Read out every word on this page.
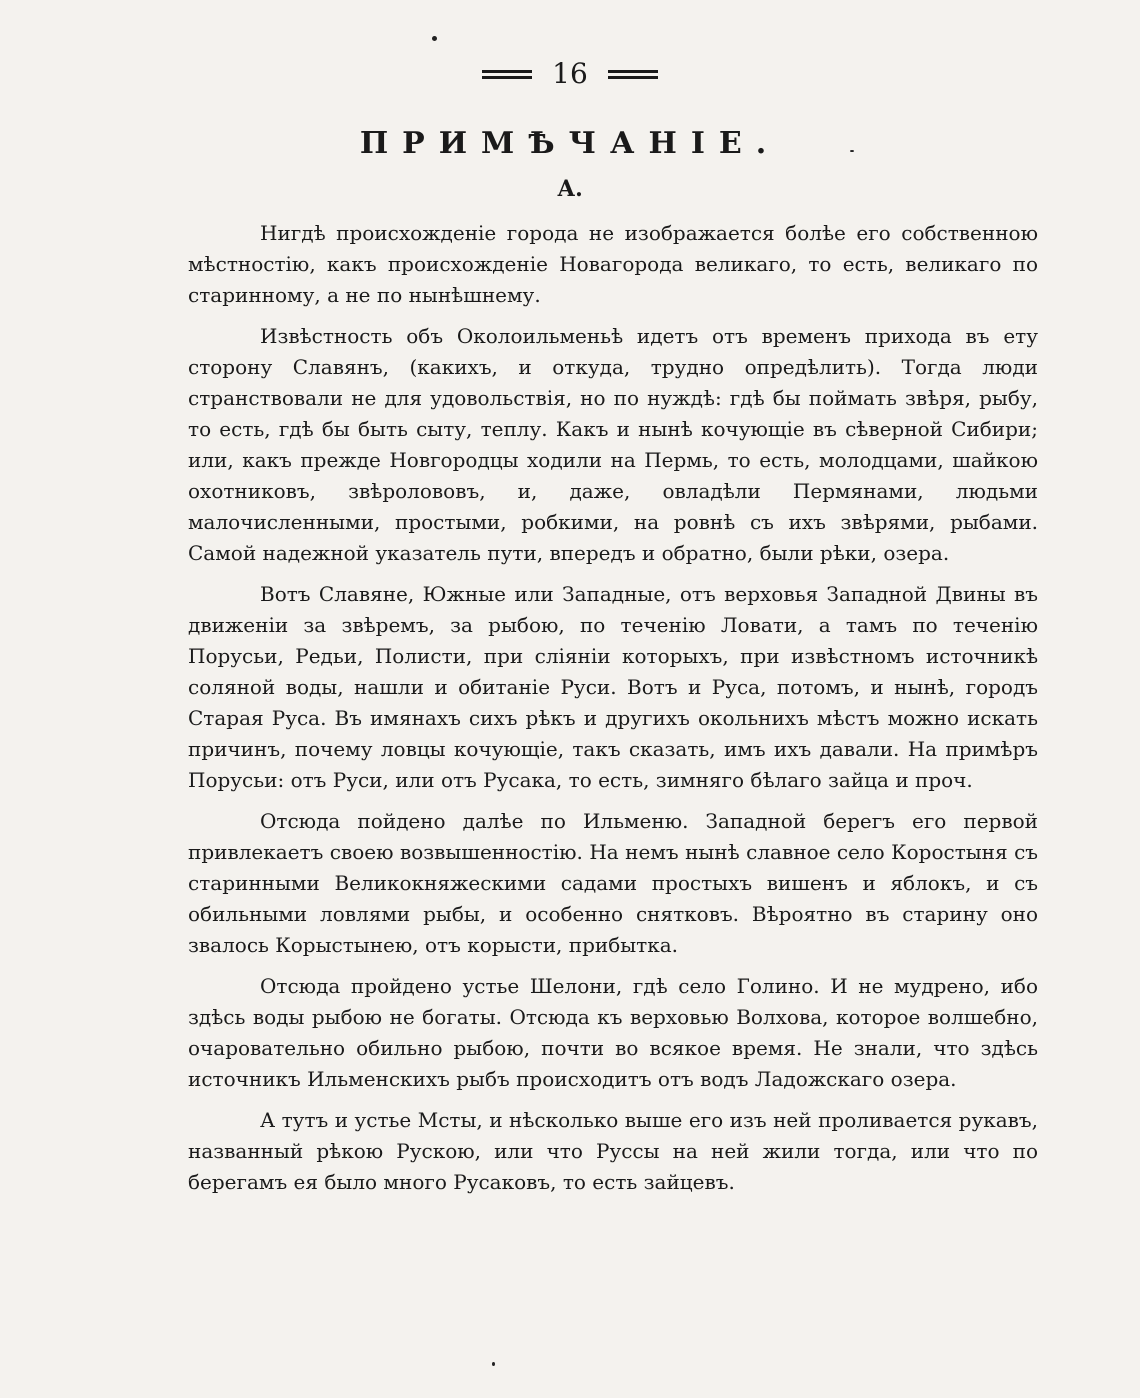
16
ПРИМѢЧАНІЕ.
А.

Нигдѣ происхожденіе города не изображается болѣе его собственною мѣстностію, какъ происхожденіе Новагорода великаго, то есть, великаго по старинному, а не по нынѣшнему.

Извѣстность объ Околоильменьѣ идетъ отъ временъ прихода въ ету сторону Славянъ, (какихъ, и откуда, трудно опредѣлить). Тогда люди странствовали не для удовольствія, но по нуждѣ: гдѣ бы поймать звѣря, рыбу, то есть, гдѣ бы быть сыту, теплу. Какъ и нынѣ кочующіе въ сѣверной Сибири; или, какъ прежде Новгородцы ходили на Пермь, то есть, молодцами, шайкою охотниковъ, звѣролововъ, и, даже, овладѣли Пермянами, людьми малочисленными, простыми, робкими, на ровнѣ съ ихъ звѣрями, рыбами. Самой надежной указатель пути, впередъ и обратно, были рѣки, озера.

Вотъ Славяне, Южные или Западные, отъ верховья Западной Двины въ движеніи за звѣремъ, за рыбою, по теченію Ловати, а тамъ по теченію Порусьи, Редьи, Полисти, при сліяніи которыхъ, при извѣстномъ источникѣ соляной воды, нашли и обитаніе Руси. Вотъ и Руса, потомъ, и нынѣ, городъ Старая Руса. Въ имянахъ сихъ рѣкъ и другихъ окольнихъ мѣстъ можно искать причинъ, почему ловцы кочующіе, такъ сказать, имъ ихъ давали. На примѣръ Порусьи: отъ Руси, или отъ Русака, то есть, зимняго бѣлаго зайца и проч.

Отсюда пойдено далѣе по Ильменю. Западной берегъ его первой привлекаетъ своею возвышенностію. На немъ нынѣ славное село Коростыня съ старинными Великокняжескими садами простыхъ вишенъ и яблокъ, и съ обильными ловлями рыбы, и особенно снятковъ. Вѣроятно въ старину оно звалось Корыстынею, отъ корысти, прибытка.

Отсюда пройдено устье Шелони, гдѣ село Голино. И не мудрено, ибо здѣсь воды рыбою не богаты. Отсюда къ верховью Волхова, которое волшебно, очаровательно обильно рыбою, почти во всякое время. Не знали, что здѣсь источникъ Ильменскихъ рыбъ происходитъ отъ водъ Ладожскаго озера.

А тутъ и устье Мсты, и нѣсколько выше его изъ ней проливается рукавъ, названный рѣкою Рускою, или что Руссы на ней жили тогда, или что по берегамъ ея было много Русаковъ, то есть зайцевъ.
